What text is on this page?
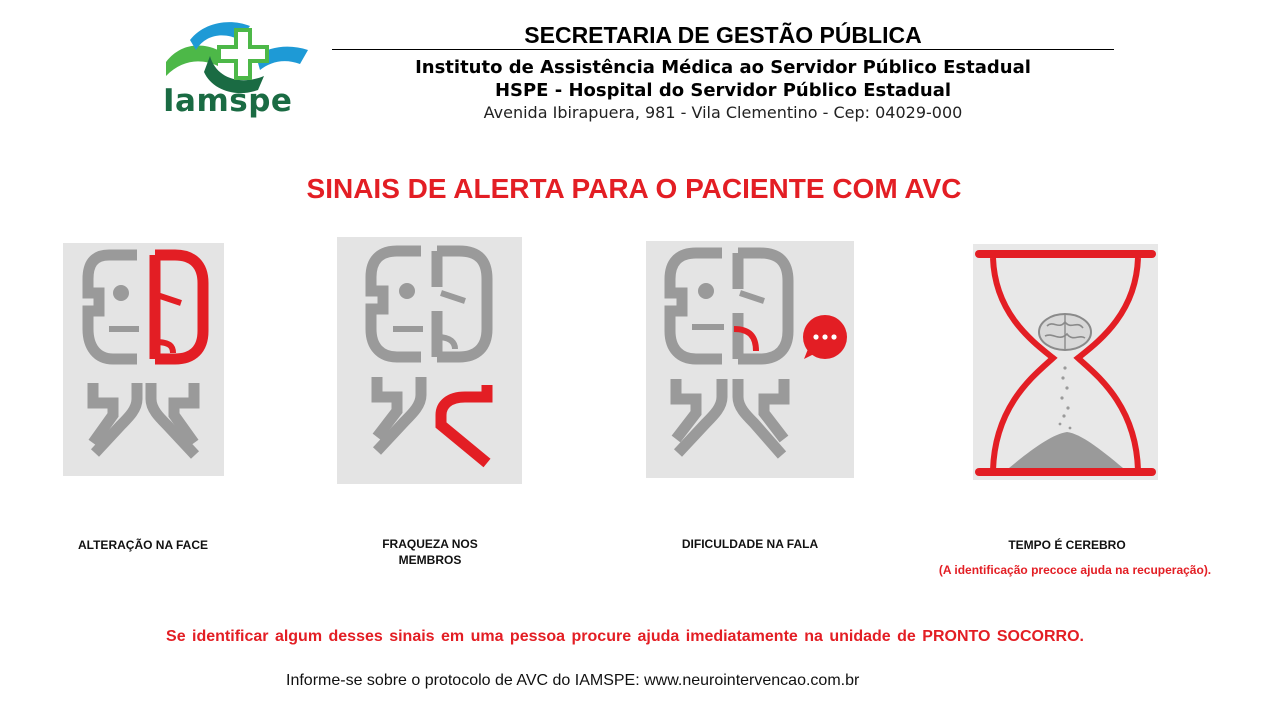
Iamspe
SECRETARIA DE GESTÃO PÚBLICA
Instituto de Assistência Médica ao Servidor Público Estadual
HSPE - Hospital do Servidor Público Estadual
Avenida Ibirapuera, 981 - Vila Clementino - Cep: 04029-000
SINAIS DE ALERTA PARA O PACIENTE COM AVC
ALTERAÇÃO NA FACE	FRAQUEZA NOS MEMBROS
DIFICULDADE NA FALA	TEMPO É CEREBRO
(A identificação precoce ajuda na recuperação).
Se identificar algum desses sinais em uma pessoa procure ajuda imediatamente na unidade de PRONTO SOCORRO.
Informe-se sobre o protocolo de AVC do IAMSPE: www.neurointervencao.com.br
